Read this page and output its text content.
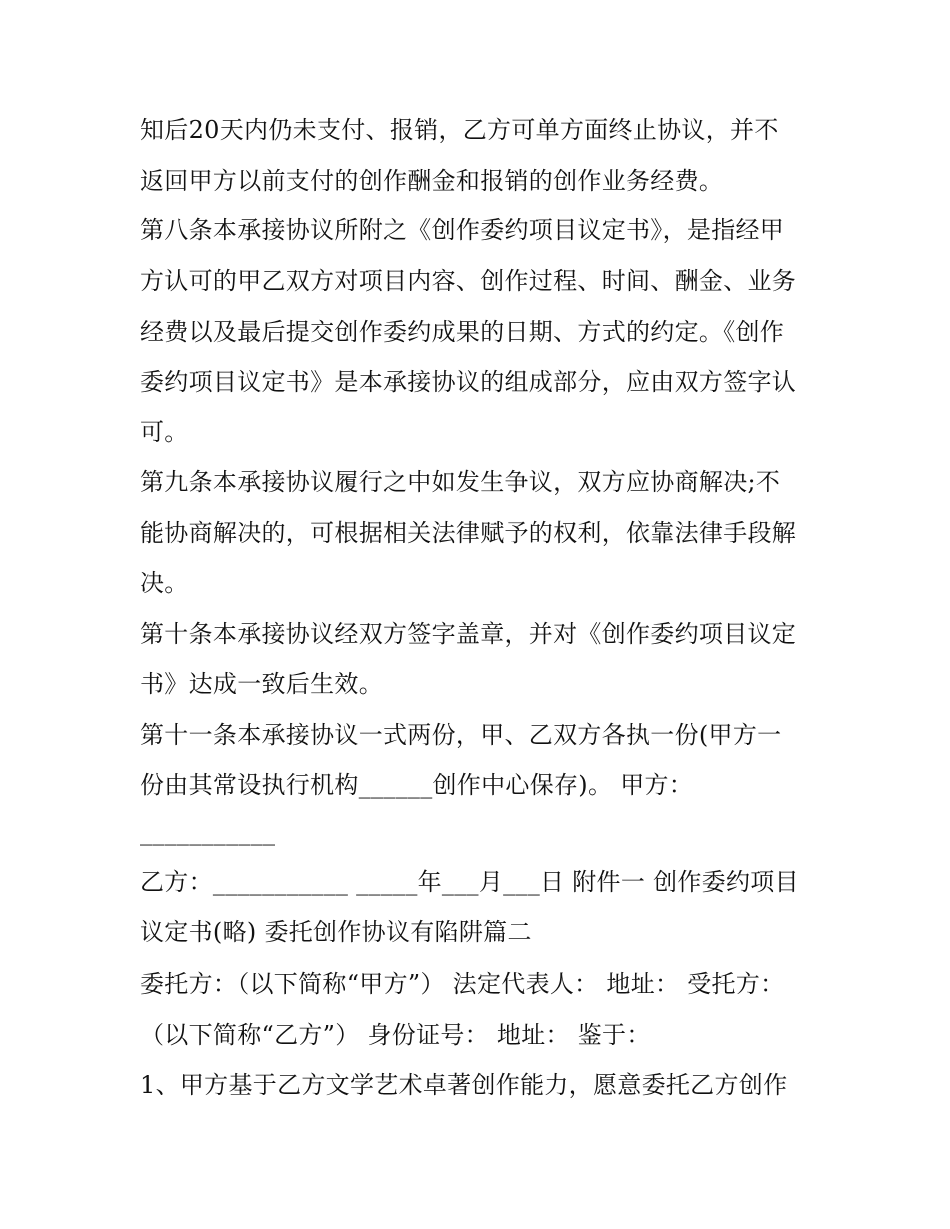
知后20天内仍未支付、报销，乙方可单方面终止协议，并不
返回甲方以前支付的创作酬金和报销的创作业务经费。
第八条本承接协议所附之《创作委约项目议定书》，是指经甲
方认可的甲乙双方对项目内容、创作过程、时间、酬金、业务
经费以及最后提交创作委约成果的日期、方式的约定。《创作
委约项目议定书》是本承接协议的组成部分，应由双方签字认
可。
第九条本承接协议履行之中如发生争议，双方应协商解决;不
能协商解决的，可根据相关法律赋予的权利，依靠法律手段解
决。
第十条本承接协议经双方签字盖章，并对《创作委约项目议定
书》达成一致后生效。
第十一条本承接协议一式两份，甲、乙双方各执一份(甲方一
份由其常设执行机构______创作中心保存)。 甲方：
___________
乙方：___________ _____年___月___日 附件一 创作委约项目
议定书(略) 委托创作协议有陷阱篇二
委托方：（以下简称“甲方”） 法定代表人： 地址： 受托方：
（以下简称“乙方”） 身份证号： 地址： 鉴于：
1、甲方基于乙方文学艺术卓著创作能力，愿意委托乙方创作
